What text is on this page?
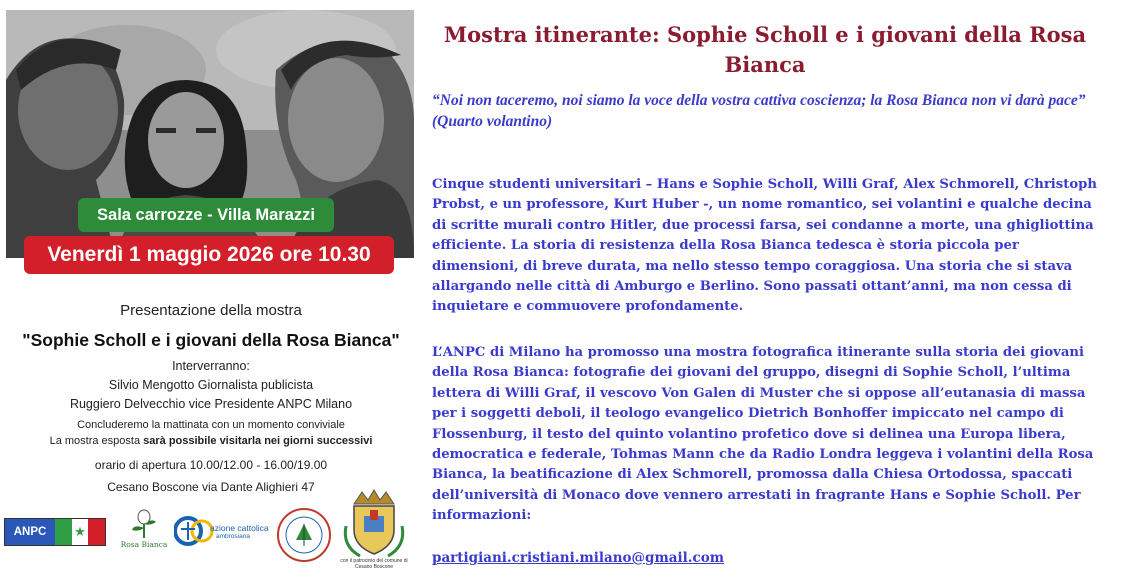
Sala carrozze - Villa Marazzi
Venerdì 1 maggio 2026 ore 10.30
Presentazione della mostra
"Sophie Scholl e i giovani della Rosa Bianca"
Interverranno:
Silvio Mengotto Giornalista publicista
Ruggiero Delvecchio vice Presidente ANPC Milano
Concluderemo la mattinata con un momento conviviale
La mostra esposta sarà possibile visitarla nei giorni successivi
orario di apertura 10.00/12.00 - 16.00/19.00
Cesano Boscone via Dante Alighieri 47
ANPC	★
Rosa Bianca
azione cattolica
ambrosiana
con il patrocinio del comune di Cesano Boscone
Mostra itinerante: Sophie Scholl e i giovani della Rosa Bianca
“Noi non taceremo, noi siamo la voce della vostra cattiva coscienza; la Rosa Bianca non vi darà pace” (Quarto volantino)
Cinque studenti universitari – Hans e Sophie Scholl, Willi Graf, Alex Schmorell, Christoph Probst, e un professore, Kurt Huber -, un nome romantico, sei volantini e qualche decina di scritte murali contro Hitler, due processi farsa, sei condanne a morte, una ghigliottina efficiente. La storia di resistenza della Rosa Bianca tedesca è storia piccola per dimensioni, di breve durata, ma nello stesso tempo coraggiosa. Una storia che si stava allargando nelle città di Amburgo e Berlino. Sono passati ottant’anni, ma non cessa di inquietare e commuovere profondamente.
L’ANPC di Milano ha promosso una mostra fotografica itinerante sulla storia dei giovani della Rosa Bianca: fotografie dei giovani del gruppo, disegni di Sophie Scholl, l’ultima lettera di Willi Graf, il vescovo Von Galen di Muster che si oppose all’eutanasia di massa per i soggetti deboli, il teologo evangelico Dietrich Bonhoffer impiccato nel campo di Flossenburg, il testo del quinto volantino profetico dove si delinea una Europa libera, democratica e federale, Tohmas Mann che da Radio Londra leggeva i volantini della Rosa Bianca, la beatificazione di Alex Schmorell, promossa dalla Chiesa Ortodossa, spaccati dell’università di Monaco dove vennero arrestati in fragrante Hans e Sophie Scholl. Per informazioni:
partigiani.cristiani.milano@gmail.com
